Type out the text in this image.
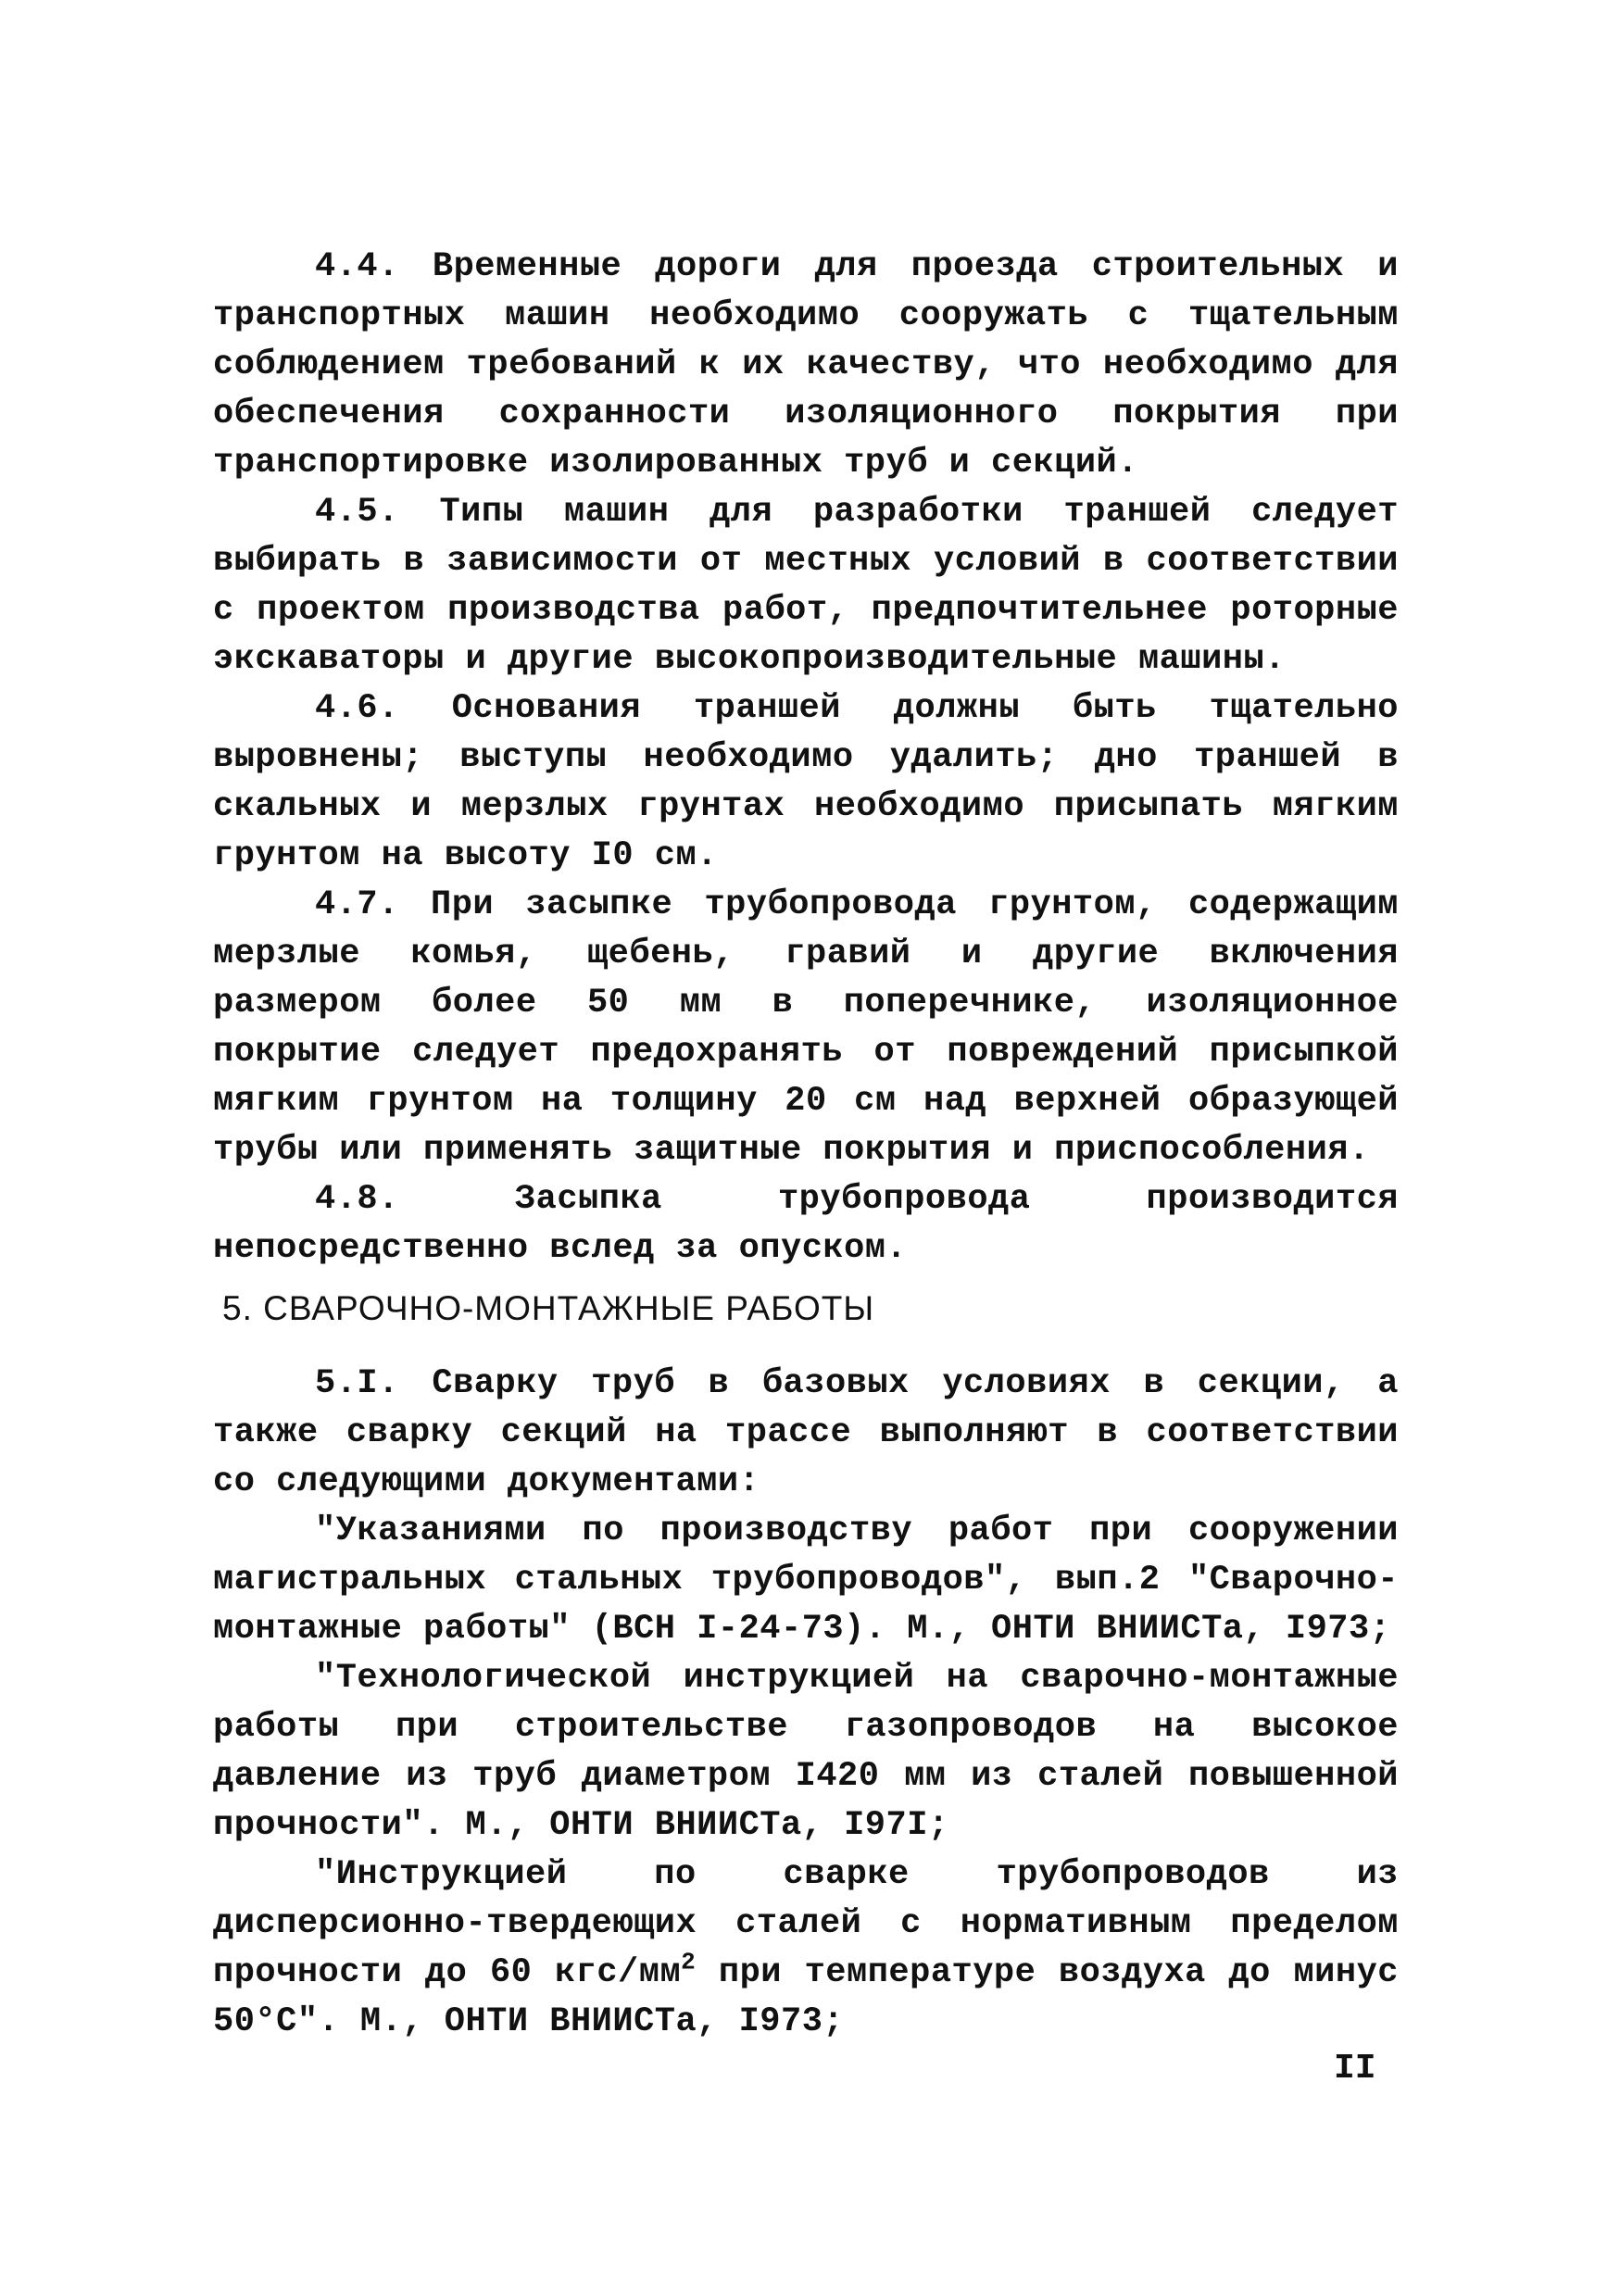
4.4. Временные дороги для проезда строительных и транспортных машин необходимо сооружать с тщательным соблюдением требований к их качеству, что необходимо для обеспечения сохранности изоляционного покрытия при транспортировке изолированных труб и секций.

4.5. Типы машин для разработки траншей следует выбирать в зависимости от местных условий в соответствии с проектом производства работ, предпочтительнее роторные экскаваторы и другие высокопроизводительные машины.

4.6. Основания траншей должны быть тщательно выровнены; выступы необходимо удалить; дно траншей в скальных и мерзлых грунтах необходимо присыпать мягким грунтом на высоту I0 см.

4.7. При засыпке трубопровода грунтом, содержащим мерзлые комья, щебень, гравий и другие включения размером более 50 мм в поперечнике, изоляционное покрытие следует предохранять от повреждений присыпкой мягким грунтом на толщину 20 см над верхней образующей трубы или применять защитные покрытия и приспособления.

4.8. Засыпка трубопровода производится непосредственно вслед за опуском.

5. СВАРОЧНО-МОНТАЖНЫЕ РАБОТЫ

5.I. Сварку труб в базовых условиях в секции, а также сварку секций на трассе выполняют в соответствии со следующими документами:

"Указаниями по производству работ при сооружении магистральных стальных трубопроводов", вып.2 "Сварочно-монтажные работы" (ВСН I-24-73). М., ОНТИ ВНИИСТа, I973;

"Технологической инструкцией на сварочно-монтажные работы при строительстве газопроводов на высокое давление из труб диаметром I420 мм из сталей повышенной прочности". М., ОНТИ ВНИИСТа, I97I;

"Инструкцией по сварке трубопроводов из дисперсионно-твердеющих сталей с нормативным пределом прочности до 60 кгс/$мм^2$ при температуре воздуха до минус 50°С". М., ОНТИ ВНИИСТа, I973;

II
